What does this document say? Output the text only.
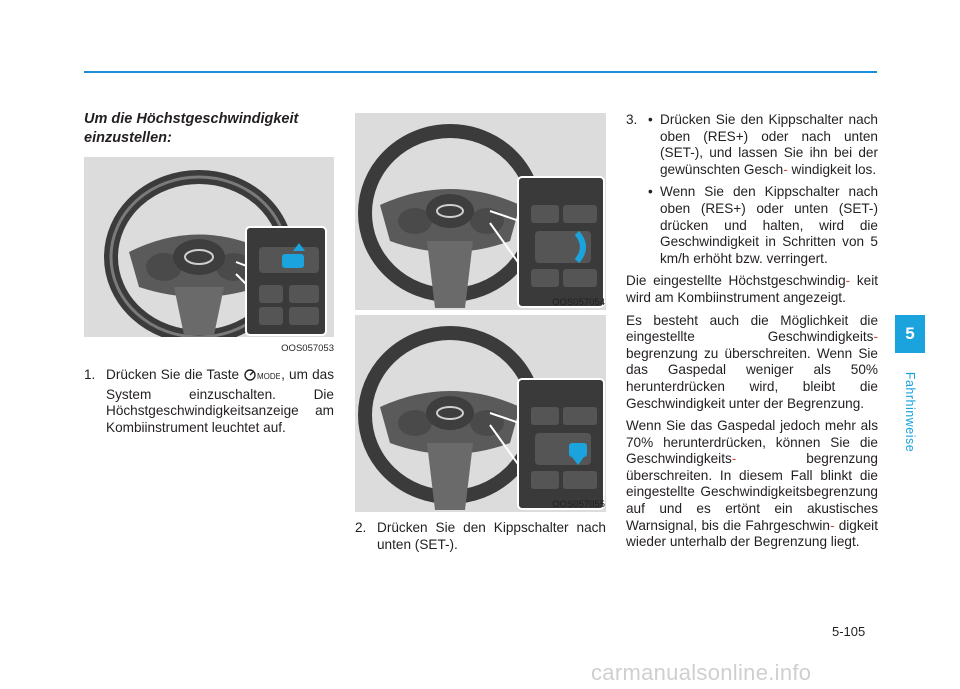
Um die Höchstgeschwindigkeit einzustellen:
OOS057053
1. Drücken Sie die Taste MODE , um das System einzuschalten. Die Höchstgeschwindigkeitsanzeige am Kombiinstrument leuchtet auf.
OOS057054
OOS057055
2. Drücken Sie den Kippschalter nach unten (SET-).
3. • Drücken Sie den Kippschalter nach oben (RES+) oder nach unten (SET-), und lassen Sie ihn bei der gewünschten Gesch- windigkeit los.
• Wenn Sie den Kippschalter nach oben (RES+) oder unten (SET-) drücken und halten, wird die Geschwindigkeit in Schritten von 5 km/h erhöht bzw. verringert.
Die eingestellte Höchstgeschwindig- keit wird am Kombiinstrument angezeigt.
Es besteht auch die Möglichkeit die eingestellte Geschwindigkeits- begrenzung zu überschreiten. Wenn Sie das Gaspedal weniger als 50% herunterdrücken wird, bleibt die Geschwindigkeit unter der Begrenzung.
Wenn Sie das Gaspedal jedoch mehr als 70% herunterdrücken, können Sie die Geschwindigkeits-	begrenzung überschreiten. In diesem Fall blinkt die eingestellte Geschwindigkeitsbegrenzung auf und es ertönt ein akustisches Warnsignal, bis die Fahrgeschwin- digkeit wieder unterhalb der Begrenzung liegt.
5
Fahrhinweise
5-105
carmanualsonline.info
